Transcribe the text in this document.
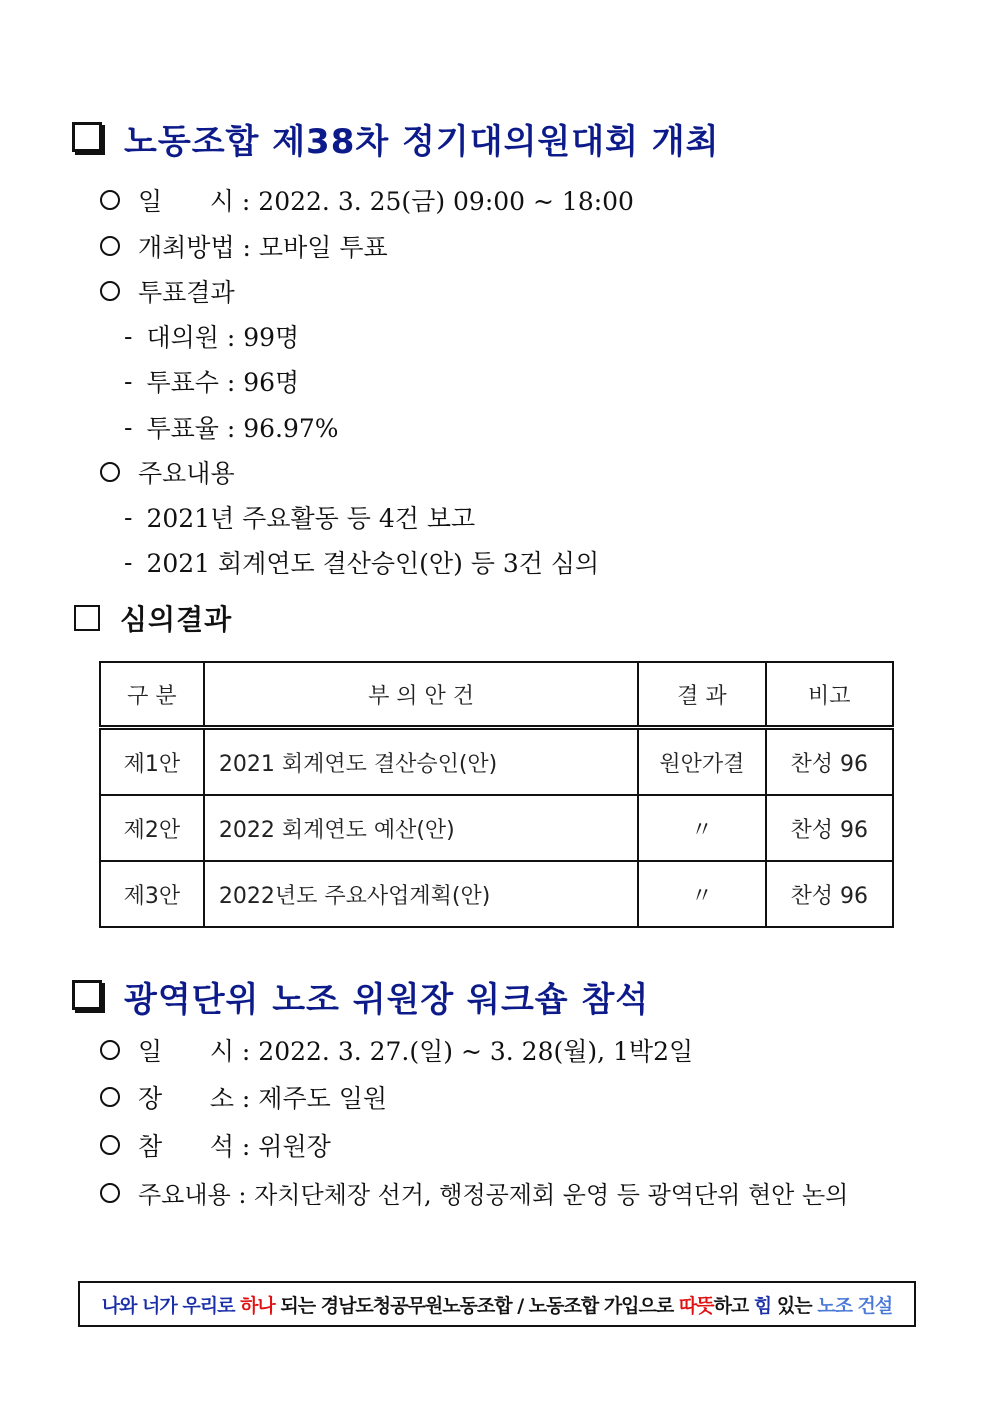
노동조합 제38차 정기대의원대회 개최
일      시 : 2022. 3. 25(금) 09:00 ~ 18:00
개최방법 : 모바일 투표
투표결과
- 대의원 : 99명
- 투표수 : 96명
- 투표율 : 96.97%
주요내용
- 2021년 주요활동 등 4건 보고
- 2021 회계연도 결산승인(안) 등 3건 심의
심의결과
구 분	부 의 안 건	결 과	비고
제1안	2021 회계연도 결산승인(안)	원안가결	찬성 96
제2안	2022 회계연도 예산(안)	〃	찬성 96
제3안	2022년도 주요사업계획(안)	〃	찬성 96
광역단위 노조 위원장 워크숍 참석
일      시 : 2022. 3. 27.(일) ~ 3. 28(월), 1박2일
장      소 : 제주도 일원
참      석 : 위원장
주요내용 : 자치단체장 선거, 행정공제회 운영 등 광역단위 현안 논의
나와 너가 우리로 하나 되는 경남도청공무원노동조합 / 노동조합 가입으로 따뜻 하고 힘 있는 노조 건설
